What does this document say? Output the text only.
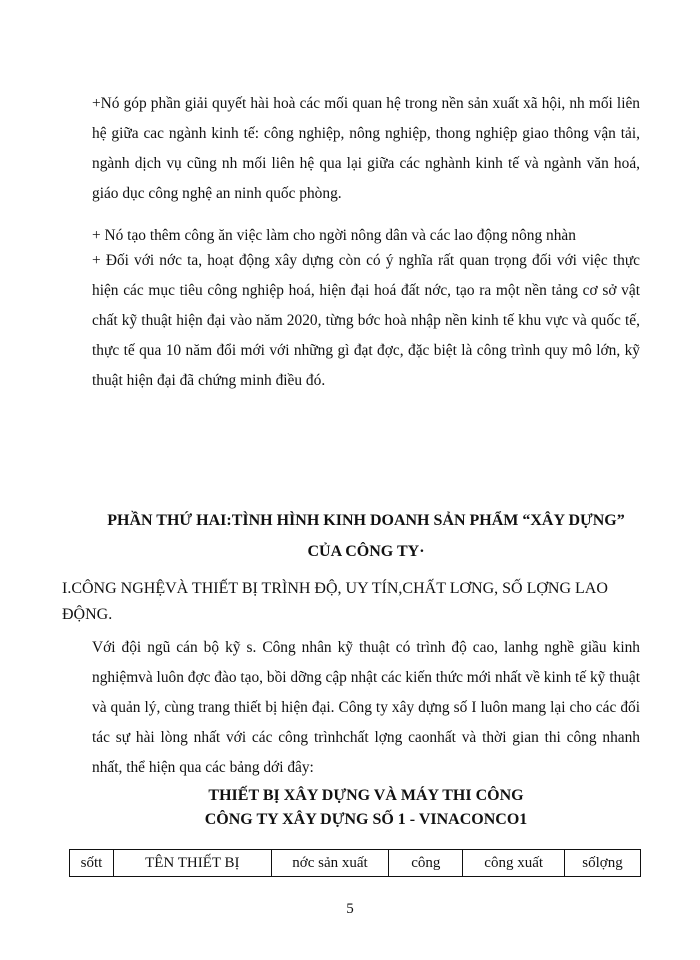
+Nó góp phần giải quyết hài hoà các mối quan hệ trong nền sản xuất xã hội, nh mối liên hệ giữa cac ngành kinh tế: công nghiệp, nông nghiệp, thong nghiệp giao thông vận tải, ngành dịch vụ cũng nh mối liên hệ qua lại giữa các nghành kinh tế và ngành văn hoá, giáo dục công nghệ an ninh quốc phòng.

+ Nó tạo thêm công ăn việc làm cho ngời nông dân và các lao động nông nhàn

+ Đối với nớc ta, hoạt động xây dựng còn có ý nghĩa rất quan trọng đối với việc thực hiện các mục tiêu công nghiệp hoá, hiện đại hoá đất nớc, tạo ra một nền tảng cơ sở vật chất kỹ thuật hiện đại vào năm 2020, từng bớc hoà nhập nền kinh tế khu vực và quốc tế, thực tế qua 10 năm đổi mới với những gì đạt đợc, đặc biệt là công trình quy mô lớn, kỹ thuật hiện đại đã chứng minh điều đó.

PHẦN THỨ HAI:TÌNH HÌNH KINH DOANH SẢN PHẨM “XÂY DỰNG” CỦA CÔNG TY·

I.CÔNG NGHỆVÀ THIẾT BỊ TRÌNH ĐỘ, UY TÍN,CHẤT LƠNG, SỐ LỢNG LAO ĐỘNG.

Với đội ngũ cán bộ kỹ s. Công nhân kỹ thuật có trình độ cao, lanhg nghề giầu kinh nghiệmvà luôn đợc đào tạo, bồi dỡng cập nhật các kiến thức mới nhất về kinh tế kỹ thuật và quản lý, cùng trang thiết bị hiện đại. Công ty xây dựng số I luôn mang lại cho các đối tác sự hài lòng nhất với các công trìnhchất lợng caonhất và thời gian thi công nhanh nhất, thể hiện qua các bảng dới đây:

THIẾT BỊ XÂY DỰNG VÀ MÁY THI CÔNG
CÔNG TY XÂY DỰNG SỐ 1 - VINACONCO1
sốtt	TÊN THIẾT BỊ	nớc sản xuất	công	công xuất	sốlợng
5
